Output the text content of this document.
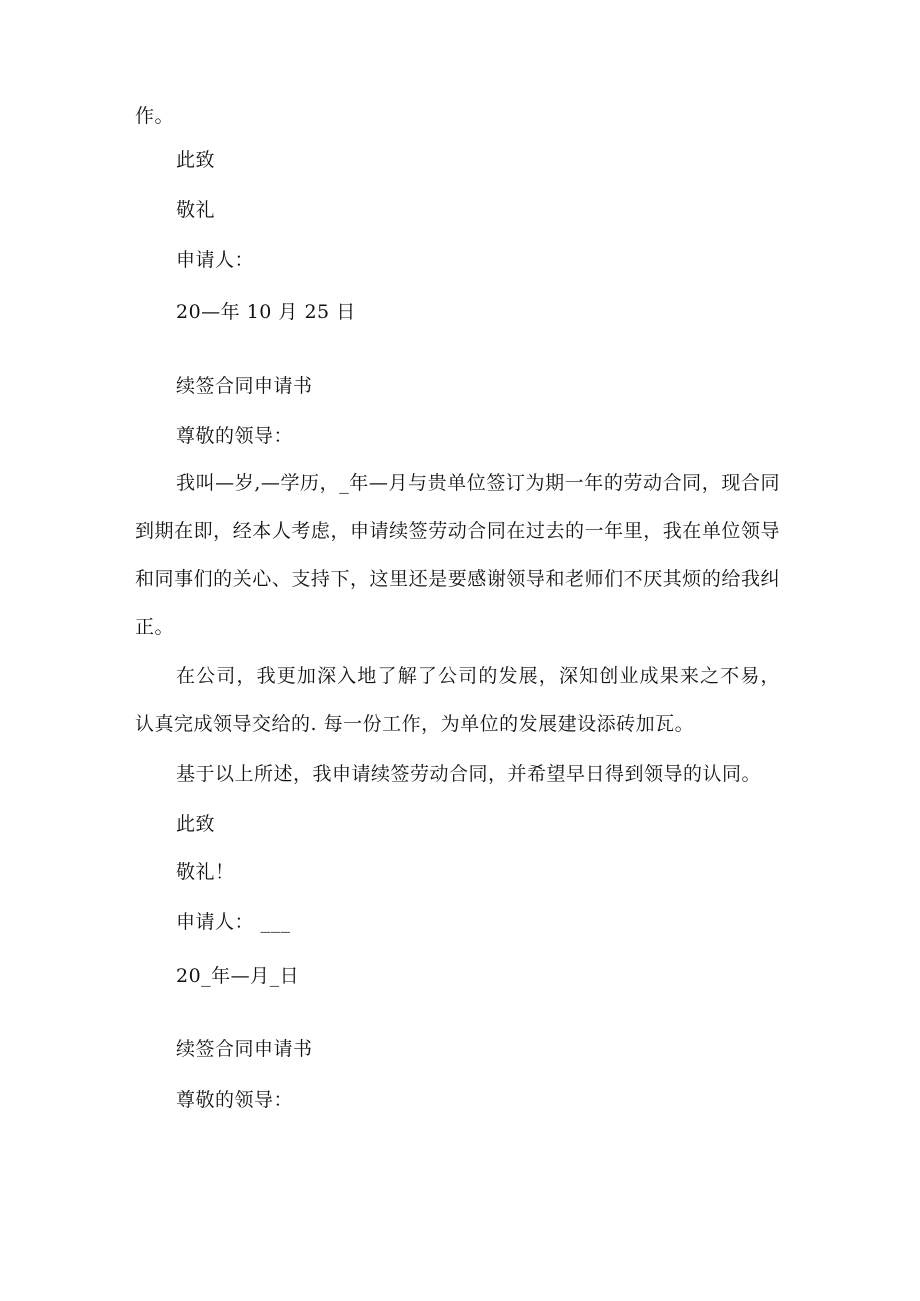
作。
此致
敬礼
申请人：
20—年 10 月 25 日
续签合同申请书
尊敬的领导：
我叫—岁,—学历，_年—月与贵单位签订为期一年的劳动合同，现合同到期在即，经本人考虑，申请续签劳动合同在过去的一年里，我在单位领导和同事们的关心、支持下，这里还是要感谢领导和老师们不厌其烦的给我纠正。
在公司，我更加深入地了解了公司的发展，深知创业成果来之不易，认真完成领导交给的. 每一份工作，为单位的发展建设添砖加瓦。
基于以上所述，我申请续签劳动合同，并希望早日得到领导的认同。
此致
敬礼！
申请人： ___
20_年—月_日
续签合同申请书
尊敬的领导：
